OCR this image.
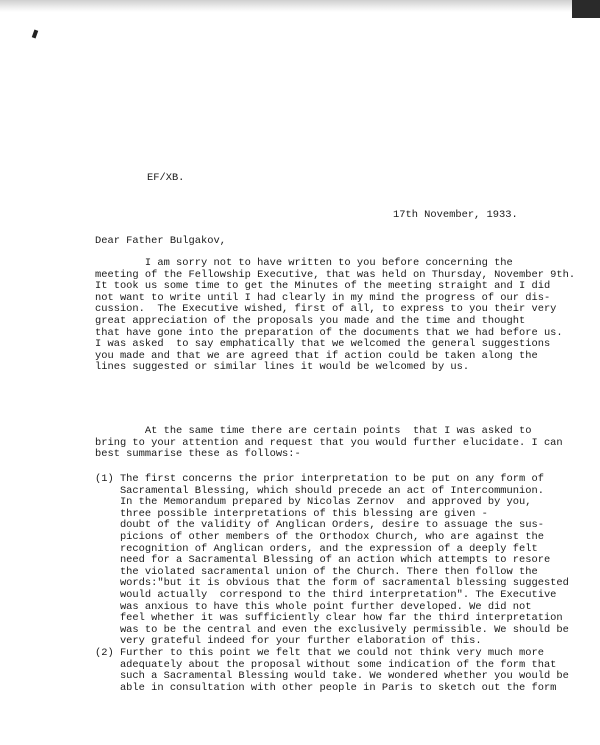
EF/XB.
17th November, 1933.
Dear Father Bulgakov,
I am sorry not to have written to you before concerning the
meeting of the Fellowship Executive, that was held on Thursday, November 9th.
It took us some time to get the Minutes of the meeting straight and I did
not want to write until I had clearly in my mind the progress of our dis-
cussion.  The Executive wished, first of all, to express to you their very
great appreciation of the proposals you made and the time and thought
that have gone into the preparation of the documents that we had before us.
I was asked  to say emphatically that we welcomed the general suggestions
you made and that we are agreed that if action could be taken along the
lines suggested or similar lines it would be welcomed by us.
At the same time there are certain points  that I was asked to
bring to your attention and request that you would further elucidate. I can
best summarise these as follows:-
(1) The first concerns the prior interpretation to be put on any form of
Sacramental Blessing, which should precede an act of Intercommunion.
In the Memorandum prepared by Nicolas Zernov  and approved by you,
three possible interpretations of this blessing are given -
doubt of the validity of Anglican Orders, desire to assuage the sus-
picions of other members of the Orthodox Church, who are against the
recognition of Anglican orders, and the expression of a deeply felt
need for a Sacramental Blessing of an action which attempts to resore
the violated sacramental union of the Church. There then follow the
words:"but it is obvious that the form of sacramental blessing suggested
would actually  correspond to the third interpretation". The Executive
was anxious to have this whole point further developed. We did not
feel whether it was sufficiently clear how far the third interpretation
was to be the central and even the exclusively permissible. We should be
very grateful indeed for your further elaboration of this.
(2) Further to this point we felt that we could not think very much more
adequately about the proposal without some indication of the form that
such a Sacramental Blessing would take. We wondered whether you would be
able in consultation with other people in Paris to sketch out the form
